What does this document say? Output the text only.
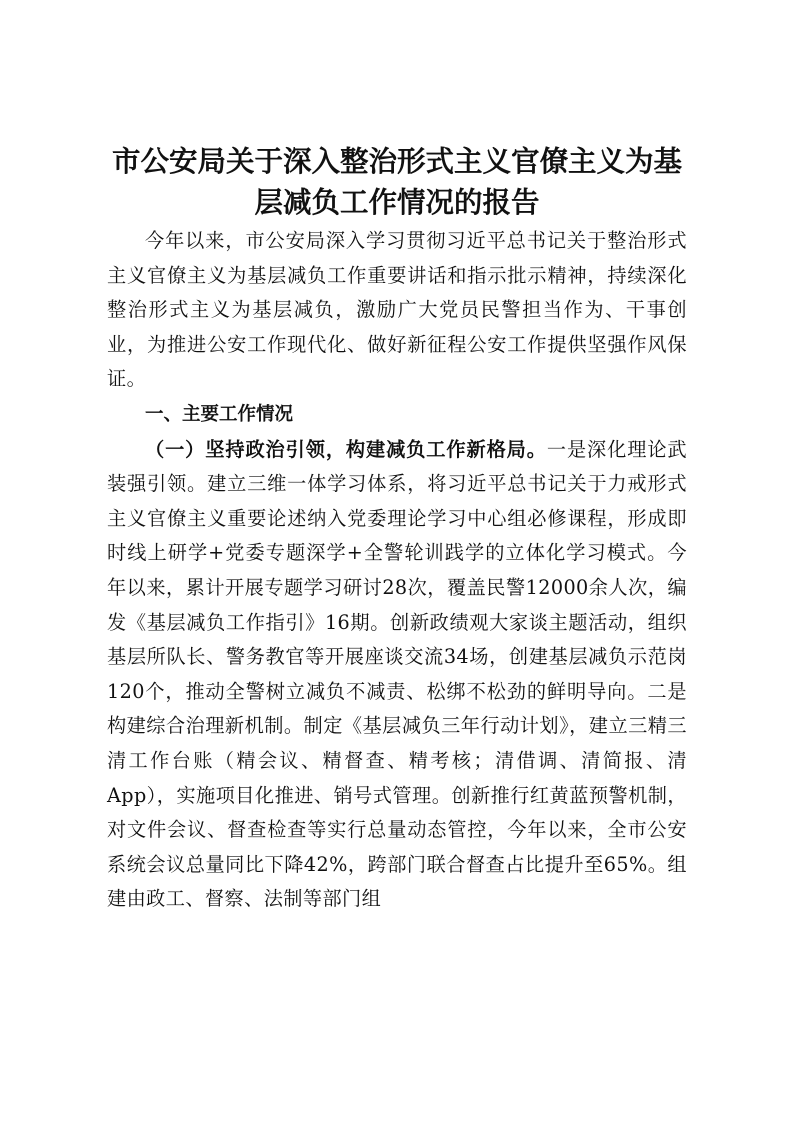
市公安局关于深入整治形式主义官僚主义为基层减负工作情况的报告

今年以来，市公安局深入学习贯彻习近平总书记关于整治形式主义官僚主义为基层减负工作重要讲话和指示批示精神，持续深化整治形式主义为基层减负，激励广大党员民警担当作为、干事创业，为推进公安工作现代化、做好新征程公安工作提供坚强作风保证。

一、主要工作情况

（一）坚持政治引领，构建减负工作新格局。一是深化理论武装强引领。建立三维一体学习体系，将习近平总书记关于力戒形式主义官僚主义重要论述纳入党委理论学习中心组必修课程，形成即时线上研学+党委专题深学+全警轮训践学的立体化学习模式。今年以来，累计开展专题学习研讨28次，覆盖民警12000余人次，编发《基层减负工作指引》16期。创新政绩观大家谈主题活动，组织基层所队长、警务教官等开展座谈交流34场，创建基层减负示范岗120个，推动全警树立减负不减责、松绑不松劲的鲜明导向。二是构建综合治理新机制。制定《基层减负三年行动计划》，建立三精三清工作台账（精会议、精督查、精考核；清借调、清简报、清App），实施项目化推进、销号式管理。创新推行红黄蓝预警机制，对文件会议、督查检查等实行总量动态管控，今年以来，全市公安系统会议总量同比下降42%，跨部门联合督查占比提升至65%。组建由政工、督察、法制等部门组
